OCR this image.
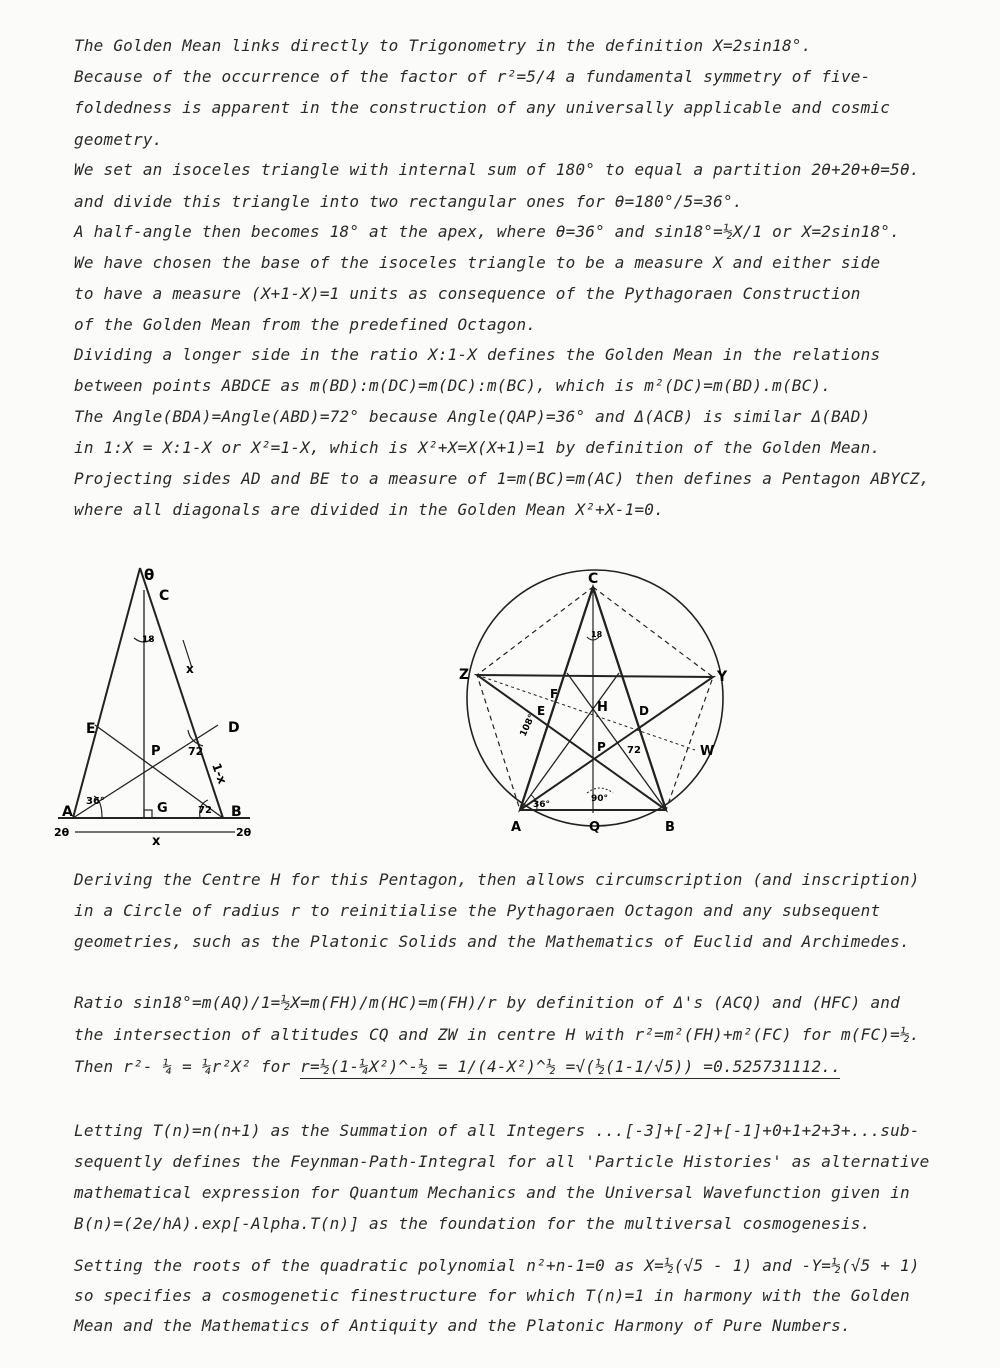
The Golden Mean links directly to Trigonometry in the definition X=2sin18°.
Because of the occurrence of the factor of r²=5/4 a fundamental symmetry of five-
foldedness is apparent in the construction of any universally applicable and cosmic
geometry.
We set an isoceles triangle with internal sum of 180° to equal a partition 2θ+2θ+θ=5θ.
and divide this triangle into two rectangular ones for θ=180°/5=36°.
A half-angle then becomes 18° at the apex, where θ=36° and sin18°=½X/1 or X=2sin18°.
We have chosen the base of the isoceles triangle to be a measure X and either side
to have a measure (X+1-X)=1 units as consequence of the Pythagoraen Construction
of the Golden Mean from the predefined Octagon.
Dividing a longer side in the ratio X:1-X defines the Golden Mean in the relations
between points ABDCE as m(BD):m(DC)=m(DC):m(BC), which is m²(DC)=m(BD).m(BC).
The Angle(BDA)=Angle(ABD)=72° because Angle(QAP)=36° and Δ(ACB) is similar Δ(BAD)
in 1:X = X:1-X or X²=1-X, which is X²+X=X(X+1)=1 by definition of the Golden Mean.
Projecting sides AD and BE to a measure of 1=m(BC)=m(AC) then defines a Pentagon ABYCZ,
where all diagonals are divided in the Golden Mean X²+X-1=0.
θ
C
E	D
P
A	B
G
x
1-x
x
18
72
36°
72
2θ	2θ
C
Z	Y
A	Q	B
H
F
E	D
P	W
18
108°
72
36°
90°
Deriving the Centre H for this Pentagon, then allows cіrcumscription (and inscription)
in a Circle of radius r to reinitialise the Pythagoraen Octagon and any subsequent
geometries, such as the Platonic Solids and the Mathematics of Euclid and Archimedes.
Ratio sin18°=m(AQ)/1=½X=m(FH)/m(HC)=m(FH)/r by definition of Δ's (ACQ) and (HFC) and
the intersection of altitudes CQ and ZW in centre H with r²=m²(FH)+m²(FC) for m(FC)=½.
Then r²- ¼ = ¼r²X² for r=½(1-¼X²)^-½ = 1/(4-X²)^½ =√(½(1-1/√5)) =0.525731112..
Letting T(n)=n(n+1) as the Summation of all Integers ...[-3]+[-2]+[-1]+0+1+2+3+...sub-
sequently defines the Feynman-Path-Integral for all 'Particle Histories' as alternative
mathematical expression for Quantum Mechanics and the Universal Wavefunction given in
B(n)=(2e/hA).exp[-Alpha.T(n)] as the foundation for the multiversal cosmogenesis.
Setting the roots of the quadratic polynomial n²+n-1=0 as X=½(√5 - 1) and -Y=½(√5 + 1)
so specifies a cosmogenetic finestructure for which T(n)=1 in harmony with the Golden
Mean and the Mathematics of Antiquity and the Platonic Harmony of Pure Numbers.
